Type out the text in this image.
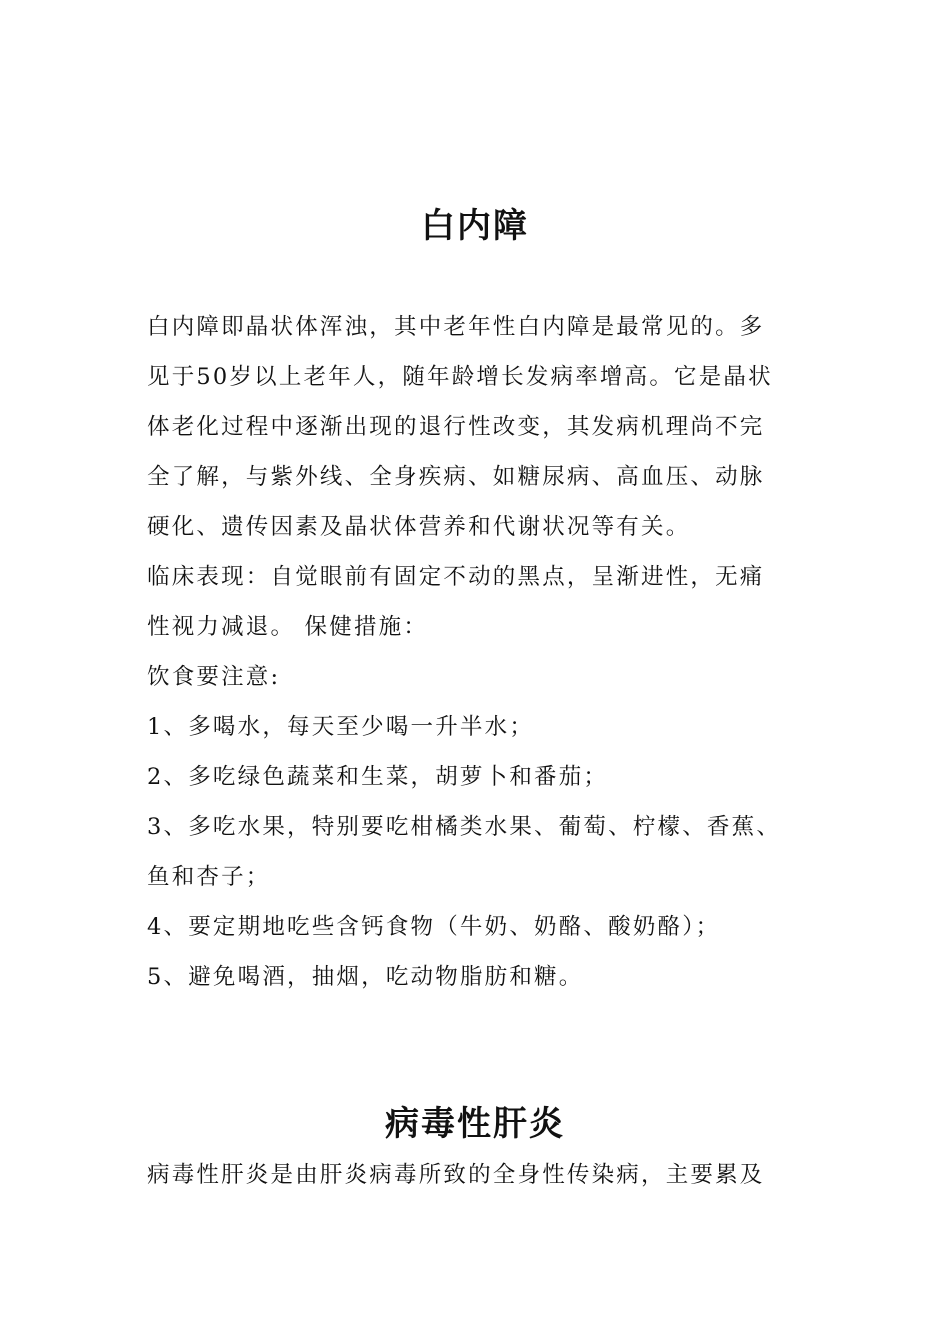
白内障
白内障即晶状体浑浊，其中老年性白内障是最常见的。多
见于50岁以上老年人，随年龄增长发病率增高。它是晶状
体老化过程中逐渐出现的退行性改变，其发病机理尚不完
全了解，与紫外线、全身疾病、如糖尿病、高血压、动脉
硬化、遗传因素及晶状体营养和代谢状况等有关。
临床表现：自觉眼前有固定不动的黑点，呈渐进性，无痛
性视力减退。 保健措施：
饮食要注意:
1、多喝水，每天至少喝一升半水；
2、多吃绿色蔬菜和生菜，胡萝卜和番茄；
3、多吃水果，特别要吃柑橘类水果、葡萄、柠檬、香蕉、
鱼和杏子；
4、要定期地吃些含钙食物（牛奶、奶酪、酸奶酪）；
5、避免喝酒，抽烟，吃动物脂肪和糖。
病毒性肝炎
病毒性肝炎是由肝炎病毒所致的全身性传染病，主要累及
